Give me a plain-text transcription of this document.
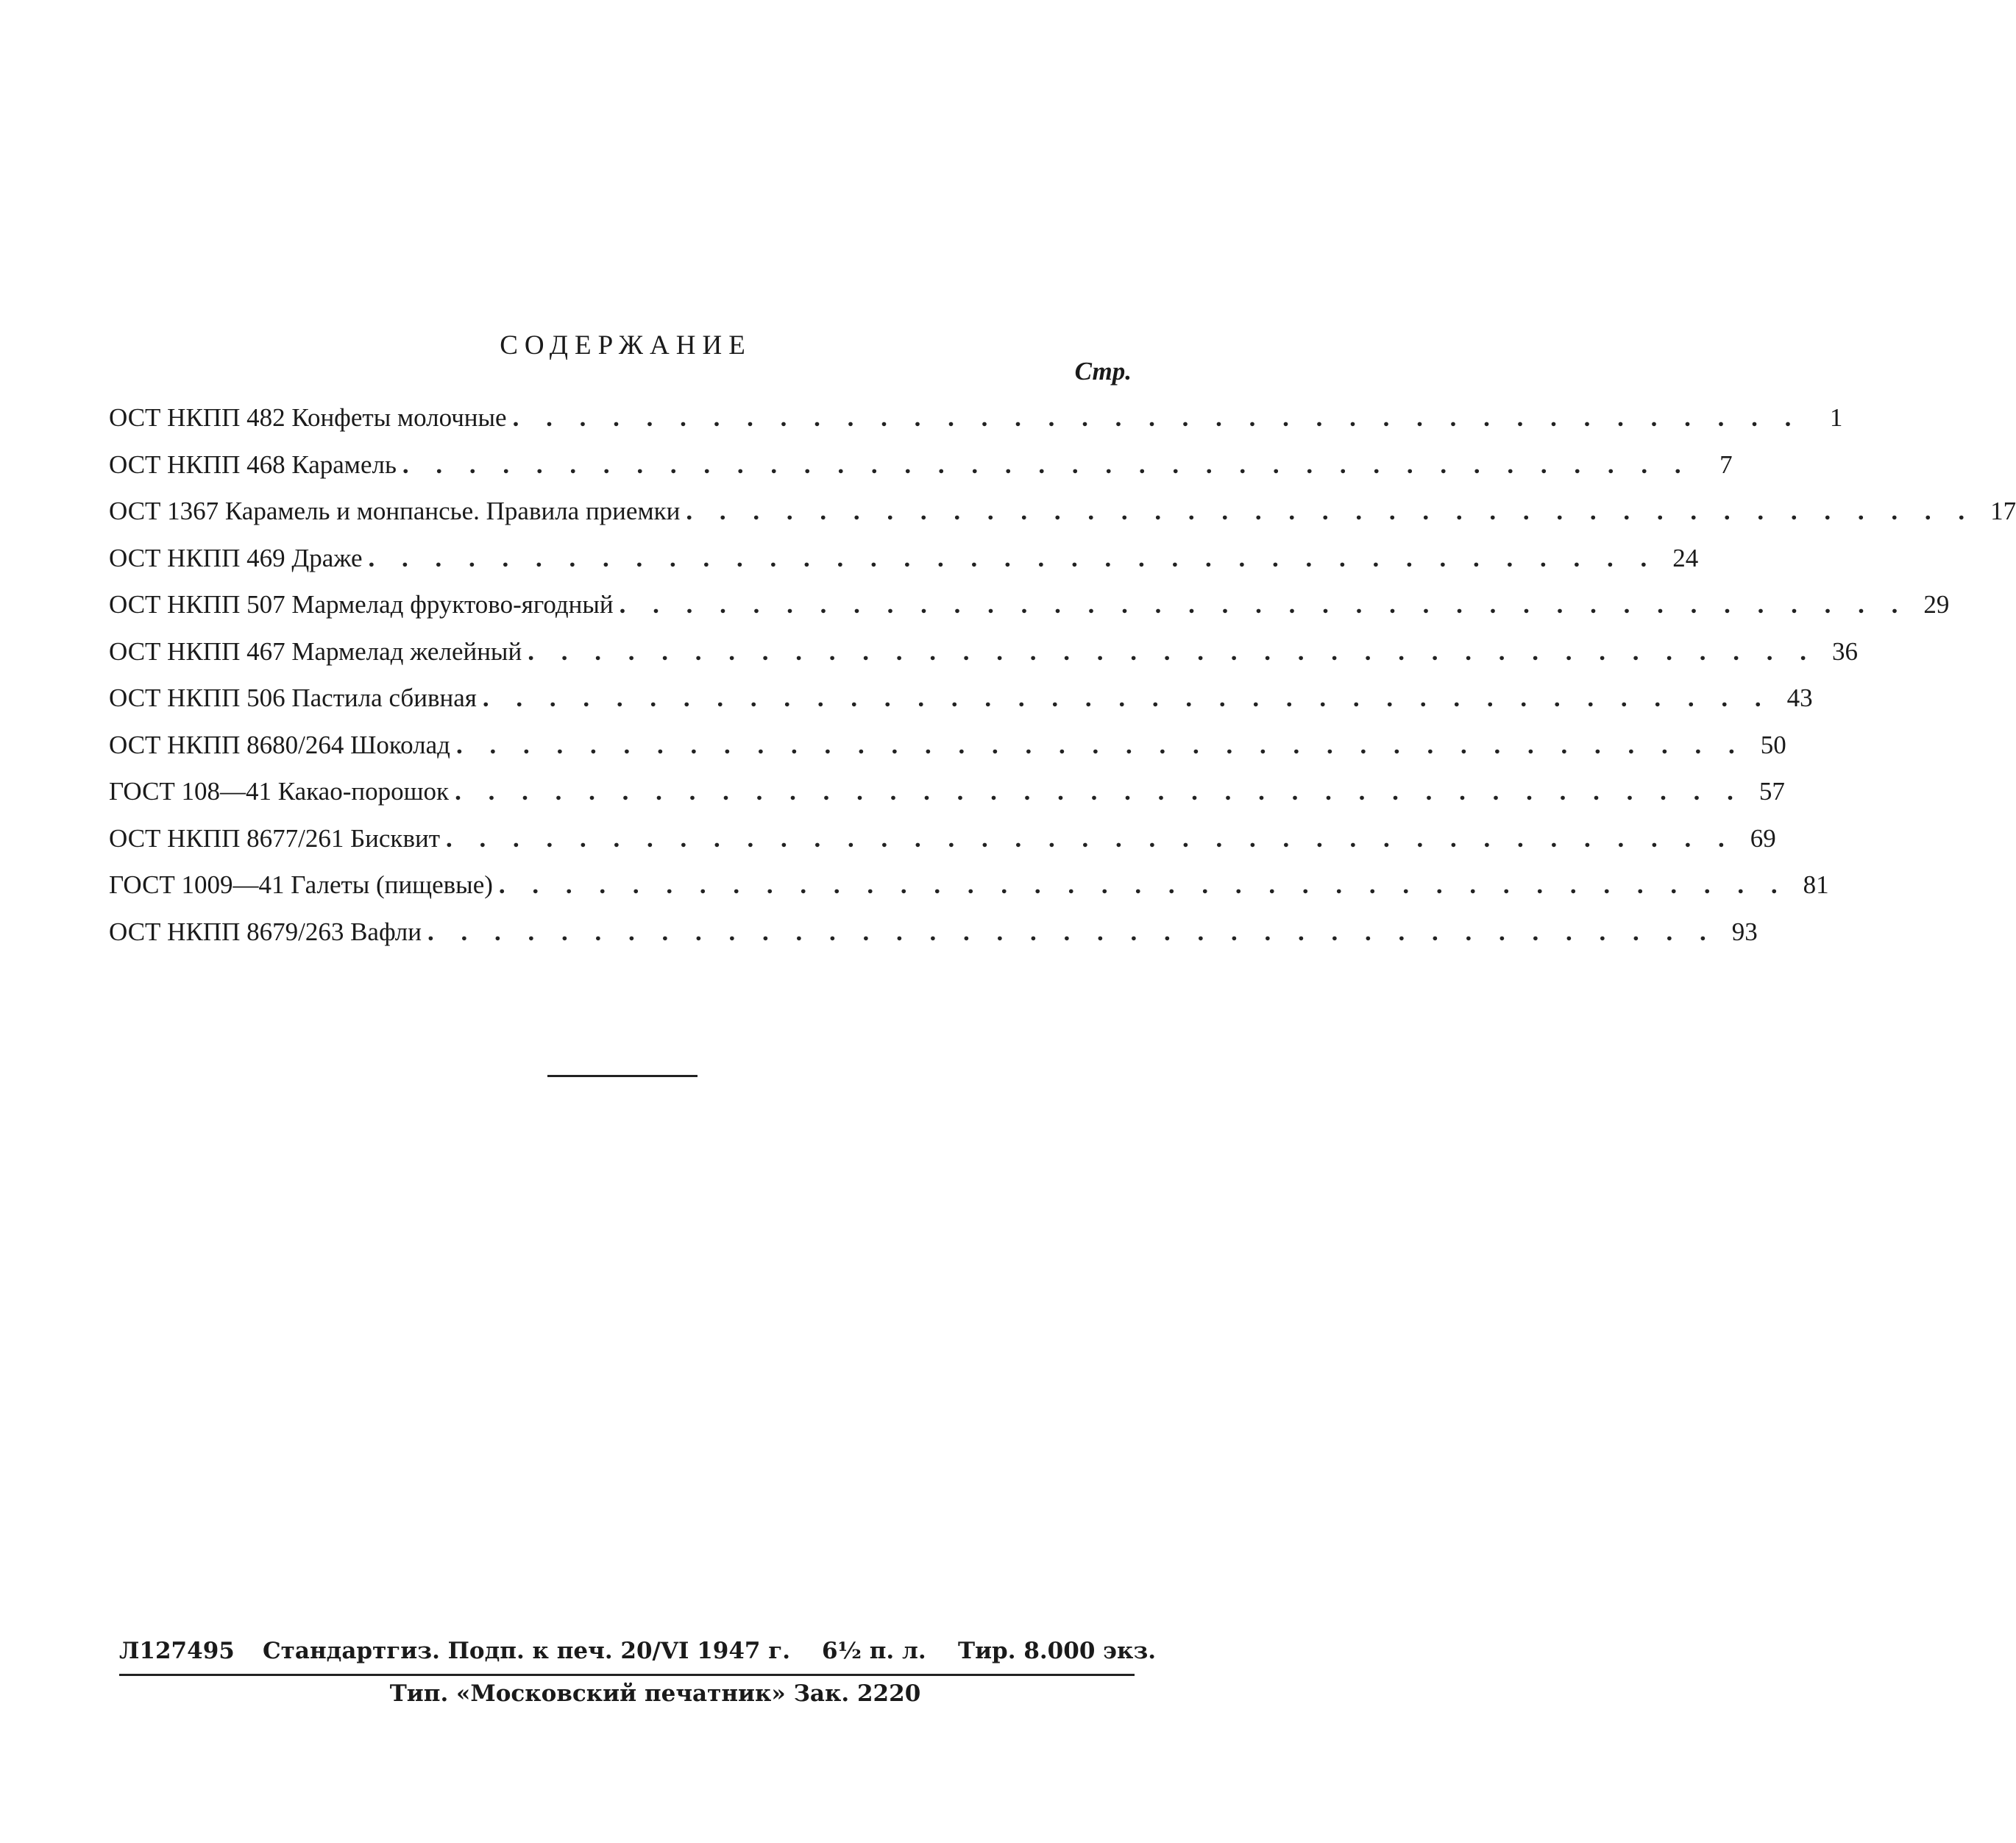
СОДЕРЖАНИЕ
Стр.
ОСТ НКПП 482 Конфеты молочные . . . . . . . . . . . . . . . . . . . . . . . . . . . . . . . . . . . . . . .	1
ОСТ НКПП 468 Карамель . . . . . . . . . . . . . . . . . . . . . . . . . . . . . . . . . . . . . . .	7
ОСТ 1367 Карамель и монпансье. Правила приемки . . . . . . . . . . . . . . . . . . . . . . . . . . . . . . . . . . . . . . . 17
ОСТ НКПП 469 Драже . . . . . . . . . . . . . . . . . . . . . . . . . . . . . . . . . . . . . . . 24
ОСТ НКПП 507 Мармелад фруктово-ягодный . . . . . . . . . . . . . . . . . . . . . . . . . . . . . . . . . . . . . . . 29
ОСТ НКПП 467 Мармелад желейный . . . . . . . . . . . . . . . . . . . . . . . . . . . . . . . . . . . . . . . 36
ОСТ НКПП 506 Пастила сбивная . . . . . . . . . . . . . . . . . . . . . . . . . . . . . . . . . . . . . . . 43
ОСТ НКПП 8680/264 Шоколад . . . . . . . . . . . . . . . . . . . . . . . . . . . . . . . . . . . . . . . 50
ГОСТ 108—41 Какао-порошок . . . . . . . . . . . . . . . . . . . . . . . . . . . . . . . . . . . . . . . 57
ОСТ НКПП 8677/261 Бисквит . . . . . . . . . . . . . . . . . . . . . . . . . . . . . . . . . . . . . . . 69
ГОСТ 1009—41 Галеты (пищевые) . . . . . . . . . . . . . . . . . . . . . . . . . . . . . . . . . . . . . . . 81
ОСТ НКПП 8679/263 Вафли . . . . . . . . . . . . . . . . . . . . . . . . . . . . . . . . . . . . . . . 93
Л127495 Стандартгиз. Подп. к печ. 20/VI 1947 г. 6½ п. л. Тир. 8.000 экз.
Тип. «Московский печатник» Зак. 2220
